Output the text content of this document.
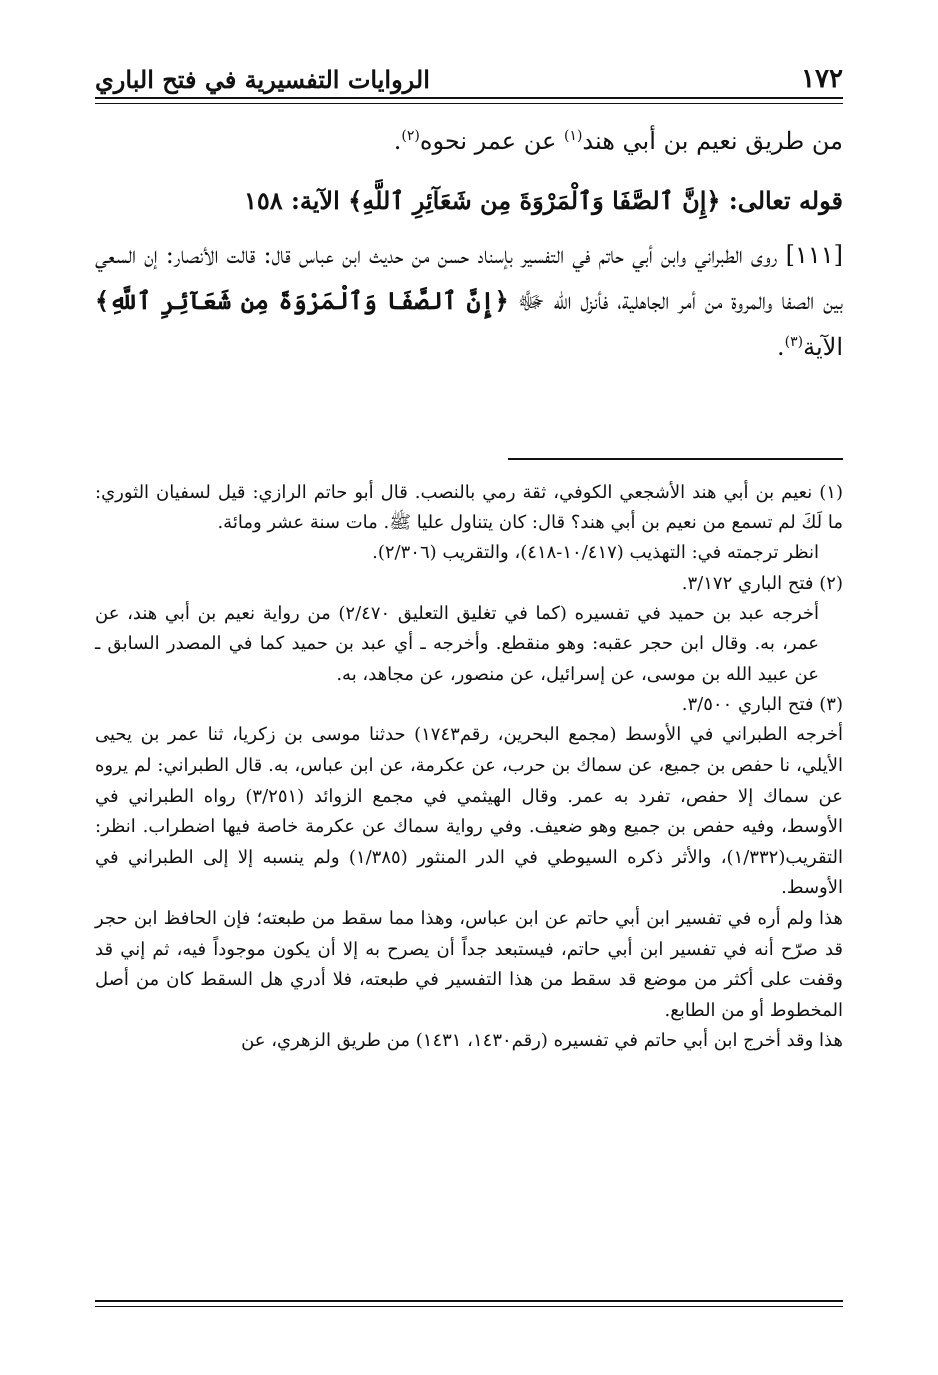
١٧٢
الروايات التفسيرية في فتح الباري

من طريق نعيم بن أبي هند$^{(١)}$ عن عمر نحوه$^{(٢)}$.

قوله تعالى: ﴿إِنَّ ٱلصَّفَا وَٱلْمَرْوَةَ مِن شَعَآئِرِ ٱللَّهِ﴾ الآية: ١٥٨

[١١١] روى الطبراني وابن أبي حاتم في التفسير بإسناد حسن من حديث ابن عباس قال: قالت الأنصار: إن السعي بين الصفا والمروة من أمر الجاهلية، فأنزل الله ﷻ ﴿إِنَّ ٱلصَّفَا وَٱلْمَرْوَةَ مِن شَعَآئِرِ ٱللَّهِ﴾ الآية$^{(٣)}$.

(١) نعيم بن أبي هند الأشجعي الكوفي، ثقة رمي بالنصب. قال أبو حاتم الرازي: قيل لسفيان الثوري: ما لَكَ لم تسمع من نعيم بن أبي هند؟ قال: كان يتناول عليا ﷺ. مات سنة عشر ومائة.

انظر ترجمته في: التهذيب (١٠/٤١٧-٤١٨)، والتقريب (٢/٣٠٦).

(٢) فتح الباري ٣/١٧٢.

أخرجه عبد بن حميد في تفسيره (كما في تغليق التعليق ٢/٤٧٠) من رواية نعيم بن أبي هند، عن عمر، به. وقال ابن حجر عقبه: وهو منقطع. وأخرجه ـ أي عبد بن حميد كما في المصدر السابق ـ عن عبيد الله بن موسى، عن إسرائيل، عن منصور، عن مجاهد، به.

(٣) فتح الباري ٣/٥٠٠.

أخرجه الطبراني في الأوسط (مجمع البحرين، رقم١٧٤٣) حدثنا موسى بن زكريا، ثنا عمر بن يحيى الأيلي، نا حفص بن جميع، عن سماك بن حرب، عن عكرمة، عن ابن عباس، به. قال الطبراني: لم يروه عن سماك إلا حفص، تفرد به عمر. وقال الهيثمي في مجمع الزوائد (٣/٢٥١) رواه الطبراني في الأوسط، وفيه حفص بن جميع وهو ضعيف. وفي رواية سماك عن عكرمة خاصة فيها اضطراب. انظر: التقريب(١/٣٣٢)، والأثر ذكره السيوطي في الدر المنثور (١/٣٨٥) ولم ينسبه إلا إلى الطبراني في الأوسط.

هذا ولم أره في تفسير ابن أبي حاتم عن ابن عباس، وهذا مما سقط من طبعته؛ فإن الحافظ ابن حجر قد صرّح أنه في تفسير ابن أبي حاتم، فيستبعد جداً أن يصرح به إلا أن يكون موجوداً فيه، ثم إني قد وقفت على أكثر من موضع قد سقط من هذا التفسير في طبعته، فلا أدري هل السقط كان من أصل المخطوط أو من الطابع.

هذا وقد أخرج ابن أبي حاتم في تفسيره (رقم١٤٣٠، ١٤٣١) من طريق الزهري، عن
